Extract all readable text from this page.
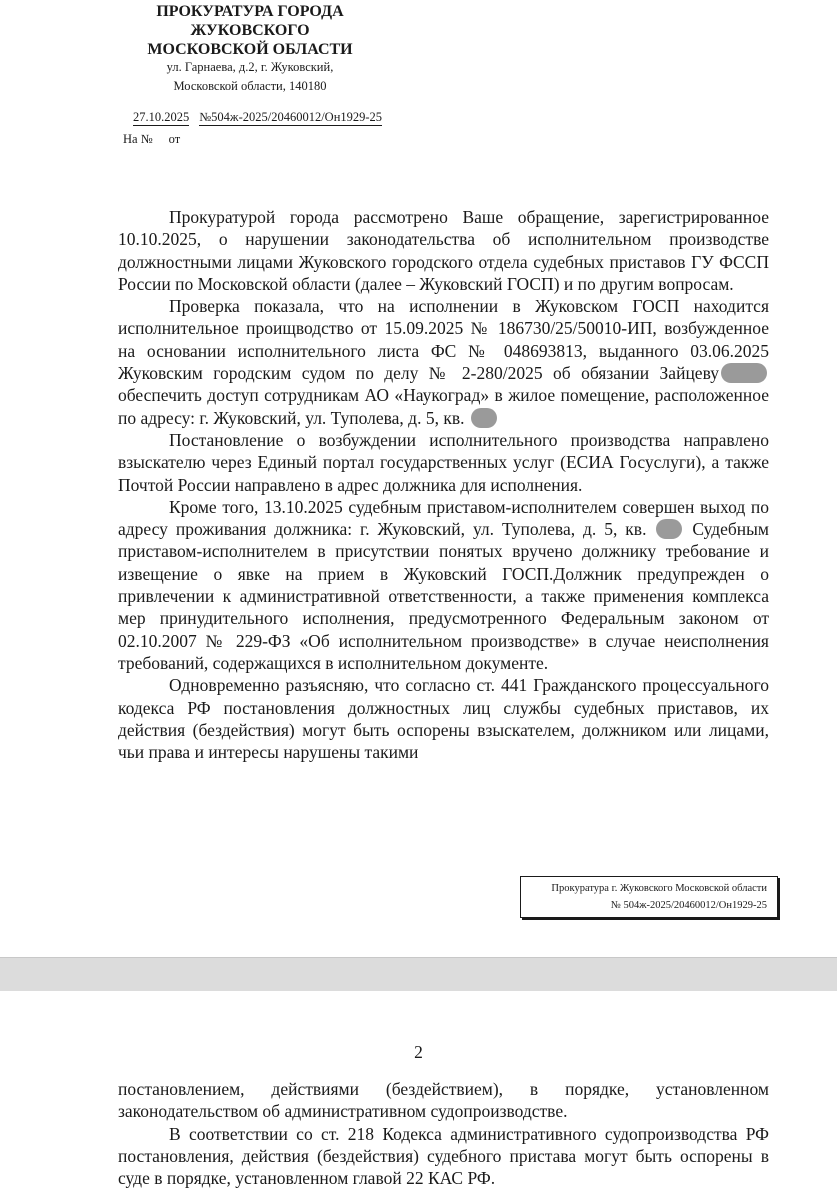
ПРОКУРАТУРА ГОРОДА
ЖУКОВСКОГО
МОСКОВСКОЙ ОБЛАСТИ
ул. Гарнаева, д.2, г. Жуковский,
Московской области, 140180
27.10.2025 №504ж-2025/20460012/Он1929-25
На № от

Прокуратурой города рассмотрено Ваше обращение, зарегистрированное 10.10.2025, о нарушении законодательства об исполнительном производстве должностными лицами Жуковского городского отдела судебных приставов ГУ ФССП России по Московской области (далее – Жуковский ГОСП) и по другим вопросам.

Проверка показала, что на исполнении в Жуковском ГОСП находится исполнительное проищводство от 15.09.2025 № 186730/25/50010-ИП, возбужденное на основании исполнительного листа ФС № 048693813, выданного 03.06.2025 Жуковским городским судом по делу № 2-280/2025 об обязании Зайцевуобеспечить доступ сотрудникам АО «Наукоград» в жилое помещение, расположенное по адресу: г. Жуковский, ул. Туполева, д. 5, кв.

Постановление о возбуждении исполнительного производства направлено взыскателю через Единый портал государственных услуг (ЕСИА Госуслуги), а также Почтой России направлено в адрес должника для исполнения.

Кроме того, 13.10.2025 судебным приставом-исполнителем совершен выход по адресу проживания должника: г. Жуковский, ул. Туполева, д. 5, кв.	Судебным приставом-исполнителем в присутствии понятых вручено должнику требование и извещение о явке на прием в Жуковский ГОСП.Должник предупрежден о привлечении к административной ответственности, а также применения комплекса мер принудительного исполнения, предусмотренного Федеральным законом от 02.10.2007 № 229-ФЗ «Об исполнительном производстве» в случае неисполнения требований, содержащихся в исполнительном документе.

Одновременно разъясняю, что согласно ст. 441 Гражданского процессуального кодекса РФ постановления должностных лиц службы судебных приставов, их действия (бездействия) могут быть оспорены взыскателем, должником или лицами, чьи права и интересы нарушены такими

Прокуратура г. Жуковского Московской области
№ 504ж-2025/20460012/Он1929-25
2

постановлением, действиями (бездействием), в порядке, установленном законодательством об административном судопроизводстве.

В соответствии со ст. 218 Кодекса административного судопроизводства РФ постановления, действия (бездействия) судебного пристава могут быть оспорены в суде в порядке, установленном главой 22 КАС РФ.
